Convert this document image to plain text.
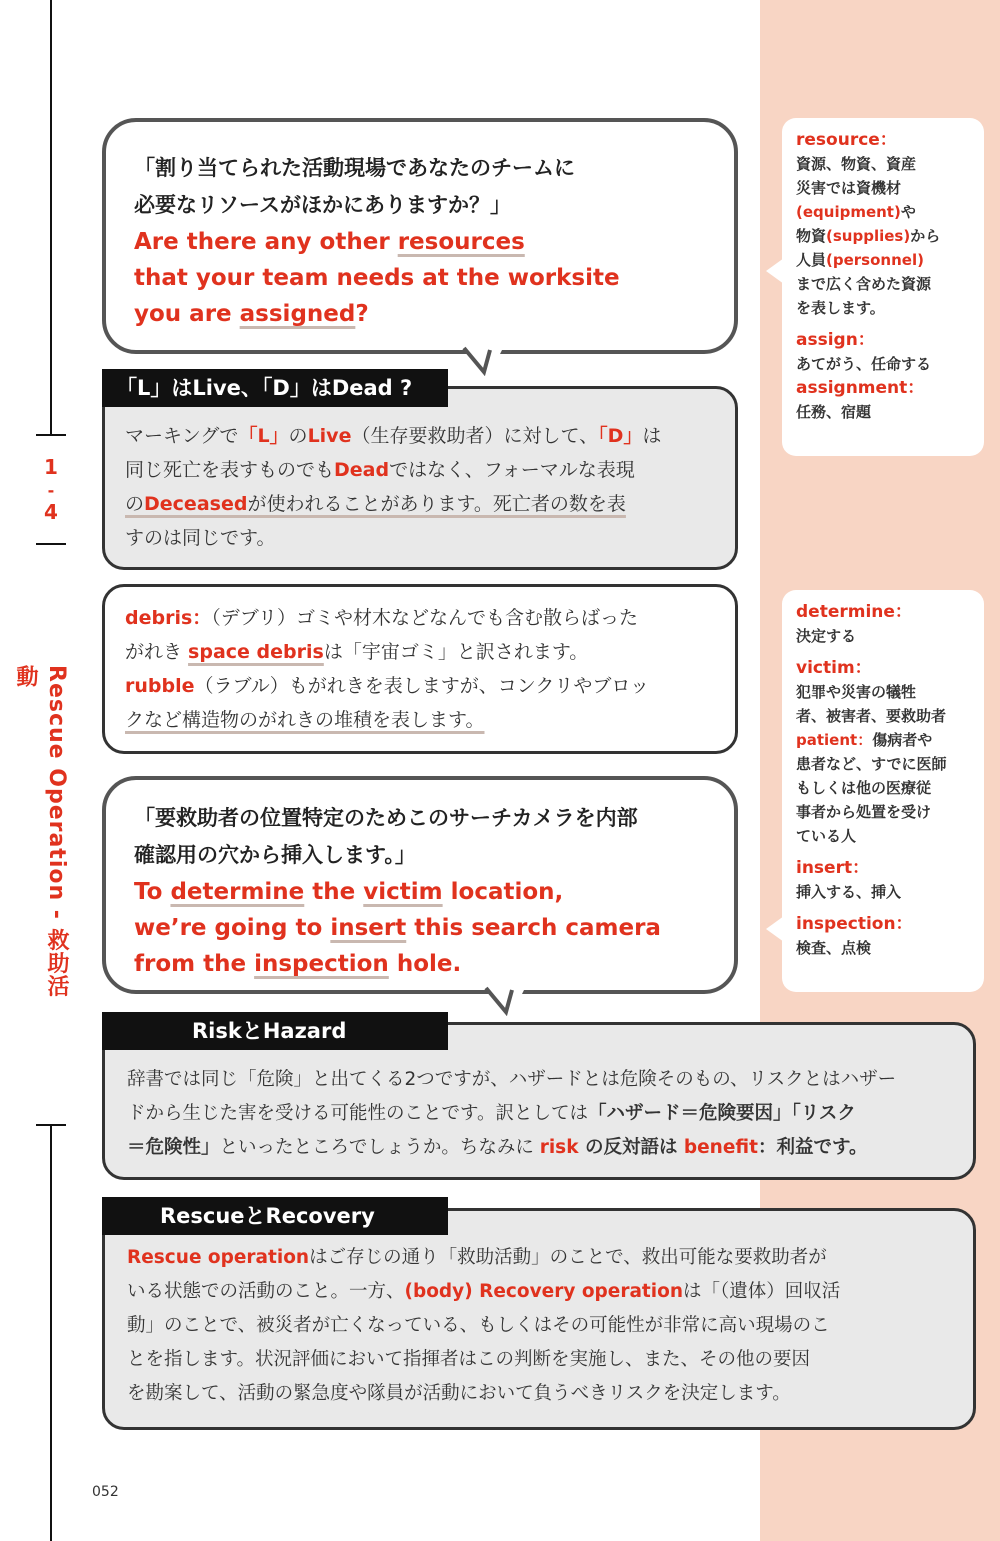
1
-
4
Rescue Operation - 救助活動
「割り当てられた活動現場であなたのチームに
必要なリソースがほかにありますか？」
Are there any other resources
that your team needs at the worksite
you are assigned?
マーキングで「L」のLive（生存要救助者）に対して、「D」は
同じ死亡を表すものでもDeadではなく、フォーマルな表現
のDeceasedが使われることがあります。死亡者の数を表
すのは同じです。
「L」はLive、「D」はDead ?
debris：（デブリ）ゴミや材木などなんでも含む散らばった
がれき space debrisは「宇宙ゴミ」と訳されます。
rubble（ラブル）もがれきを表しますが、コンクリやブロッ
クなど構造物のがれきの堆積を表します。
「要救助者の位置特定のためこのサーチカメラを内部
確認用の穴から挿入します。」
To determine the victim location,
we’re going to insert this search camera
from the inspection hole.
辞書では同じ「危険」と出てくる2つですが、ハザードとは危険そのもの、リスクとはハザー
ドから生じた害を受ける可能性のことです。訳としては「ハザード＝危険要因」「リスク
＝危険性」といったところでしょうか。ちなみに risk の反対語は benefit：利益です。
RiskとHazard
Rescue operationはご存じの通り「救助活動」のことで、救出可能な要救助者が
いる状態での活動のこと。一方、(body) Recovery operationは「（遺体）回収活
動」のことで、被災者が亡くなっている、もしくはその可能性が非常に高い現場のこ
とを指します。状況評価において指揮者はこの判断を実施し、また、その他の要因
を勘案して、活動の緊急度や隊員が活動において負うべきリスクを決定します。
RescueとRecovery
resource：
資源、物資、資産
災害では資機材
(equipment)や
物資(supplies)から
人員(personnel)
まで広く含めた資源
を表します。
assign：
あてがう、任命する
assignment：
任務、宿題
determine：
決定する
victim：
犯罪や災害の犠牲
者、被害者、要救助者
patient：傷病者や
患者など、すでに医師
もしくは他の医療従
事者から処置を受け
ている人
insert：
挿入する、挿入
inspection：
検査、点検
052
